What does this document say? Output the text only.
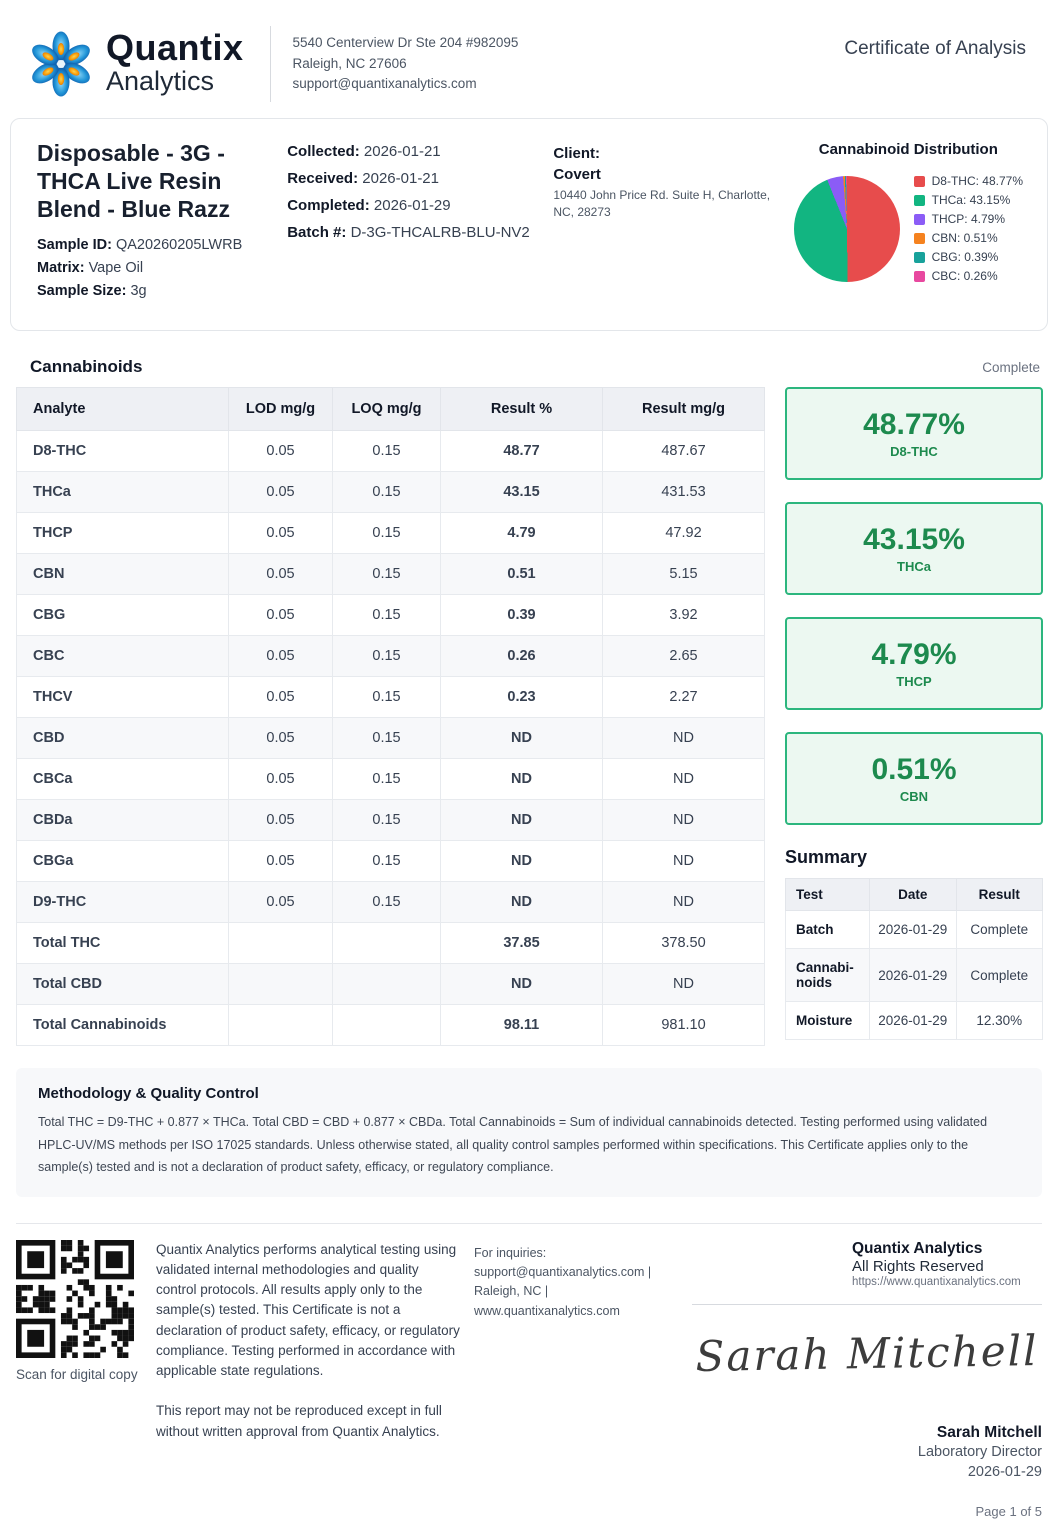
Quantix
Analytics
5540 Centerview Dr Ste 204 #982095
Raleigh, NC 27606
support@quantixanalytics.com
Certificate of Analysis
Disposable - 3G - THCA Live Resin Blend - Blue Razz
Sample ID: QA20260205LWRB
Matrix: Vape Oil
Sample Size: 3g
Collected: 2026-01-21
Received: 2026-01-21
Completed: 2026-01-29
Batch #: D-3G-THCALRB-BLU-NV2
Client:
Covert
10440 John Price Rd. Suite H, Charlotte, NC, 28273
Cannabinoid Distribution
D8-THC: 48.77%
THCa: 43.15%
THCP: 4.79%
CBN: 0.51%
CBG: 0.39%
CBC: 0.26%
Cannabinoids	Complete
Analyte	LOD mg/g	LOQ mg/g	Result %	Result mg/g
D8-THC	0.05	0.15	48.77	487.67
THCa	0.05	0.15	43.15	431.53
THCP	0.05	0.15	4.79	47.92
CBN	0.05	0.15	0.51	5.15
CBG	0.05	0.15	0.39	3.92
CBC	0.05	0.15	0.26	2.65
THCV	0.05	0.15	0.23	2.27
CBD	0.05	0.15	ND	ND
CBCa	0.05	0.15	ND	ND
CBDa	0.05	0.15	ND	ND
CBGa	0.05	0.15	ND	ND
D9-THC	0.05	0.15	ND	ND
Total THC			37.85	378.50
Total CBD			ND	ND
Total Cannabinoids			98.11	981.10
48.77%
D8-THC
43.15%
THCa
4.79%
THCP
0.51%
CBN
Summary
Test	Date	Result
Batch	2026-01-29	Complete
Cannabinoids	2026-01-29	Complete
Moisture	2026-01-29	12.30%
Methodology & Quality Control

Total THC = D9-THC + 0.877 × THCa. Total CBD = CBD + 0.877 × CBDa. Total Cannabinoids = Sum of individual cannabinoids detected. Testing performed using validated HPLC-UV/MS methods per ISO 17025 standards. Unless otherwise stated, all quality control samples performed within specifications. This Certificate applies only to the sample(s) tested and is not a declaration of product safety, efficacy, or regulatory compliance.

Scan for digital copy

Quantix Analytics performs analytical testing using validated internal methodologies and quality control protocols. All results apply only to the sample(s) tested. This Certificate is not a declaration of product safety, efficacy, or regulatory compliance. Testing performed in accordance with applicable state regulations.

This report may not be reproduced except in full without written approval from Quantix Analytics.

For inquiries: support@quantixanalytics.com | Raleigh, NC | www.quantixanalytics.com
Quantix Analytics
All Rights Reserved
https://www.quantixanalytics.com
Sarah Mitchell
Sarah Mitchell
Laboratory Director
2026-01-29
Page 1 of 5
